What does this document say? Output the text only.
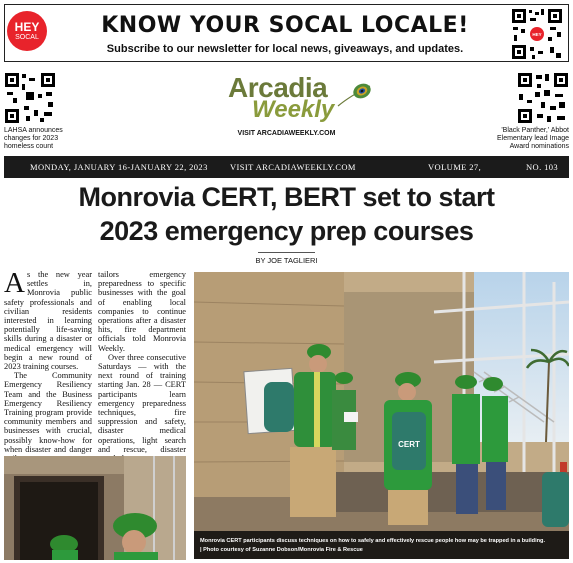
HEY
SOCAL	KNOW YOUR SOCAL LOCALE!
Subscribe to our newsletter for local news, giveaways, and updates.
HEY
LAHSA announces changes for 2023 homeless count
'Black Panther,' Abbot Elementary lead Image Award nominations
Arcadia
Weekly
VISIT ARCADIAWEEKLY.COM
MONDAY, JANUARY 16-JANUARY 22, 2023	VISIT ARCADIAWEEKLY.COM	VOLUME 27,	NO. 103
Monrovia CERT, BERT set to start
2023 emergency prep courses
BY JOE TAGLIERI

As the new year settles in, Monrovia public safety professionals and civilian residents interested in learning potentially life-saving skills during a disaster or medical emergency will begin a new round of 2023 training courses.

The Community Emergency Resiliency Team and the Business Emergency Resiliency Training program provide community members and businesses with crucial, possibly know-how for when disaster and danger

tailors emergency preparedness to specific businesses with the goal of enabling local companies to continue operations after a disaster hits, fire department officials told Monrovia Weekly.

Over three consecutive Saturdays — with the next round of training starting Jan. 28 — CERT participants learn emergency preparedness techniques, fire suppression and safety, disaster medical operations, light search and rescue, disaster

CERT
Monrovia CERT participants discuss techniques on how to safely and effectively rescue people how may be trapped in a building.
| Photo courtesy of Suzanne Dobson/Monrovia Fire & Rescue
